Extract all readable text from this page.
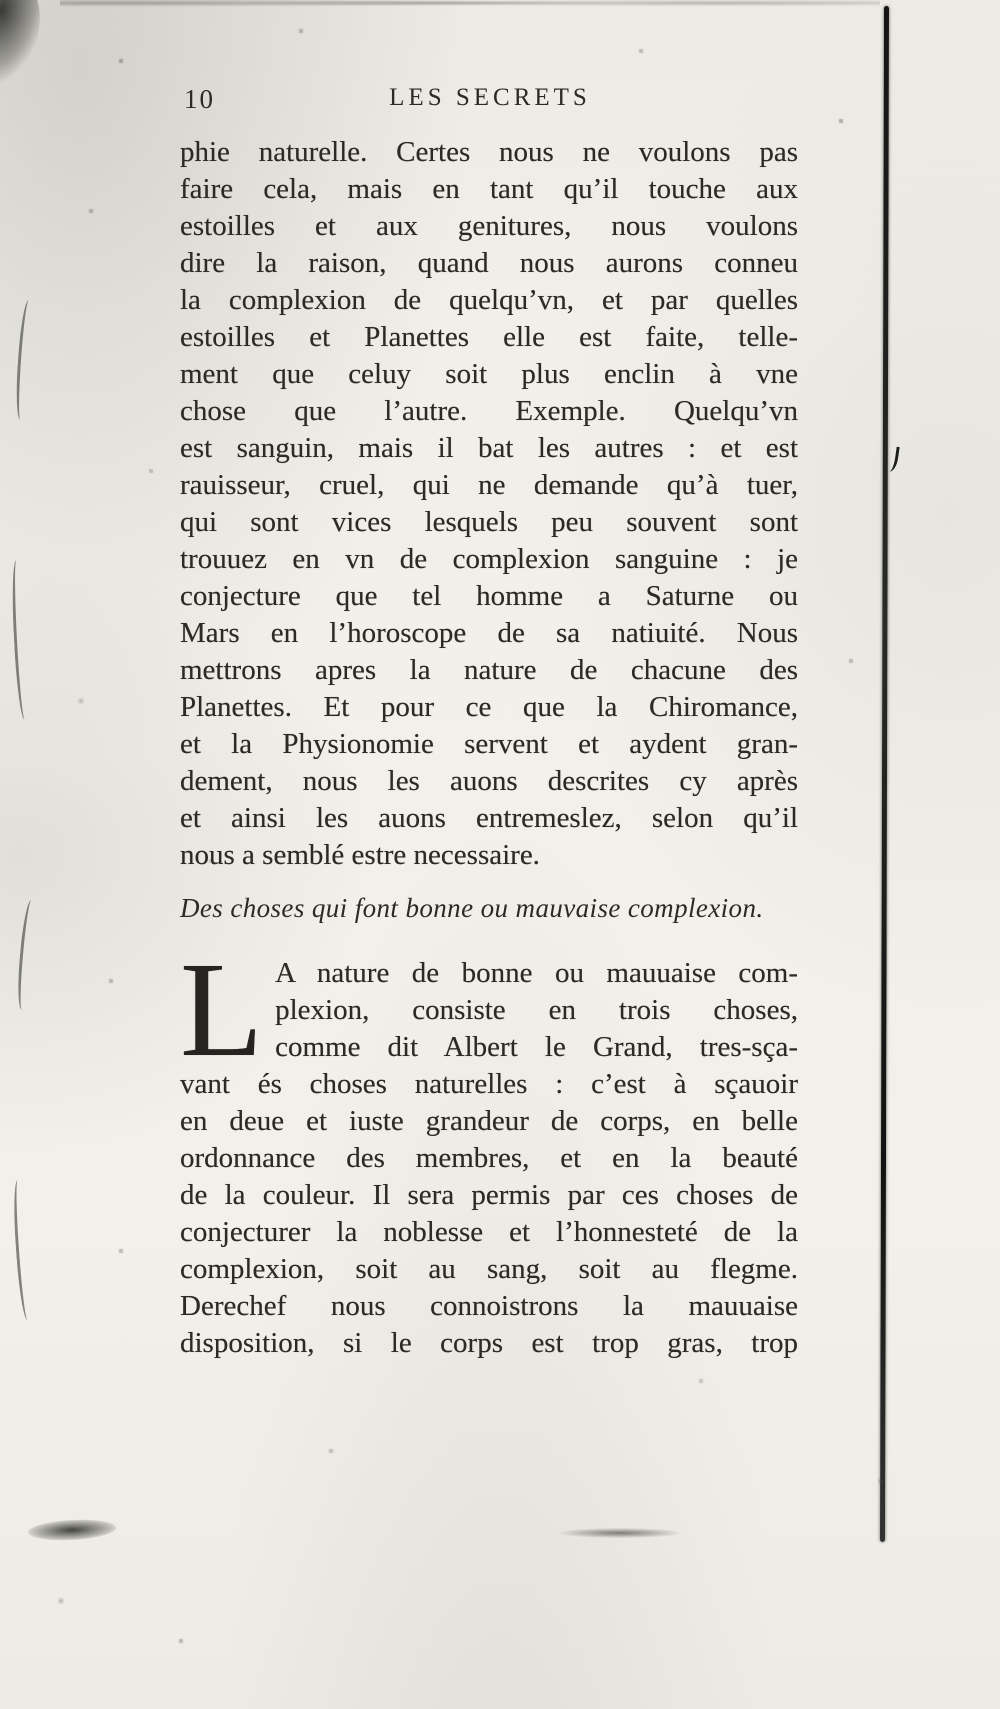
10	LES SECRETS
phie naturelle. Certes nous ne voulons pas
faire cela, mais en tant qu’il touche aux
estoilles et aux genitures, nous voulons
dire la raison, quand nous aurons conneu
la complexion de quelqu’vn, et par quelles
estoilles et Planettes elle est faite, telle-
ment que celuy soit plus enclin à vne
chose que l’autre. Exemple. Quelqu’vn
est sanguin, mais il bat les autres : et est
rauisseur, cruel, qui ne demande qu’à tuer,
qui sont vices lesquels peu souvent sont
trouuez en vn de complexion sanguine : je
conjecture que tel homme a Saturne ou
Mars en l’horoscope de sa natiuité. Nous
mettrons apres la nature de chacune des
Planettes. Et pour ce que la Chiromance,
et la Physionomie servent et aydent gran-
dement, nous les auons descrites cy après
et ainsi les auons entremeslez, selon qu’il
nous a semblé estre necessaire.
Des choses qui font bonne ou mauvaise complexion.
L A nature de bonne ou mauuaise com-
plexion, consiste en trois choses,
comme dit Albert le Grand, tres-sça-
vant és choses naturelles : c’est à sçauoir
en deue et iuste grandeur de corps, en belle
ordonnance des membres, et en la beauté
de la couleur. Il sera permis par ces choses de
conjecturer la noblesse et l’honnesteté de la
complexion, soit au sang, soit au flegme.
Derechef nous connoistrons la mauuaise
disposition, si le corps est trop gras, trop
